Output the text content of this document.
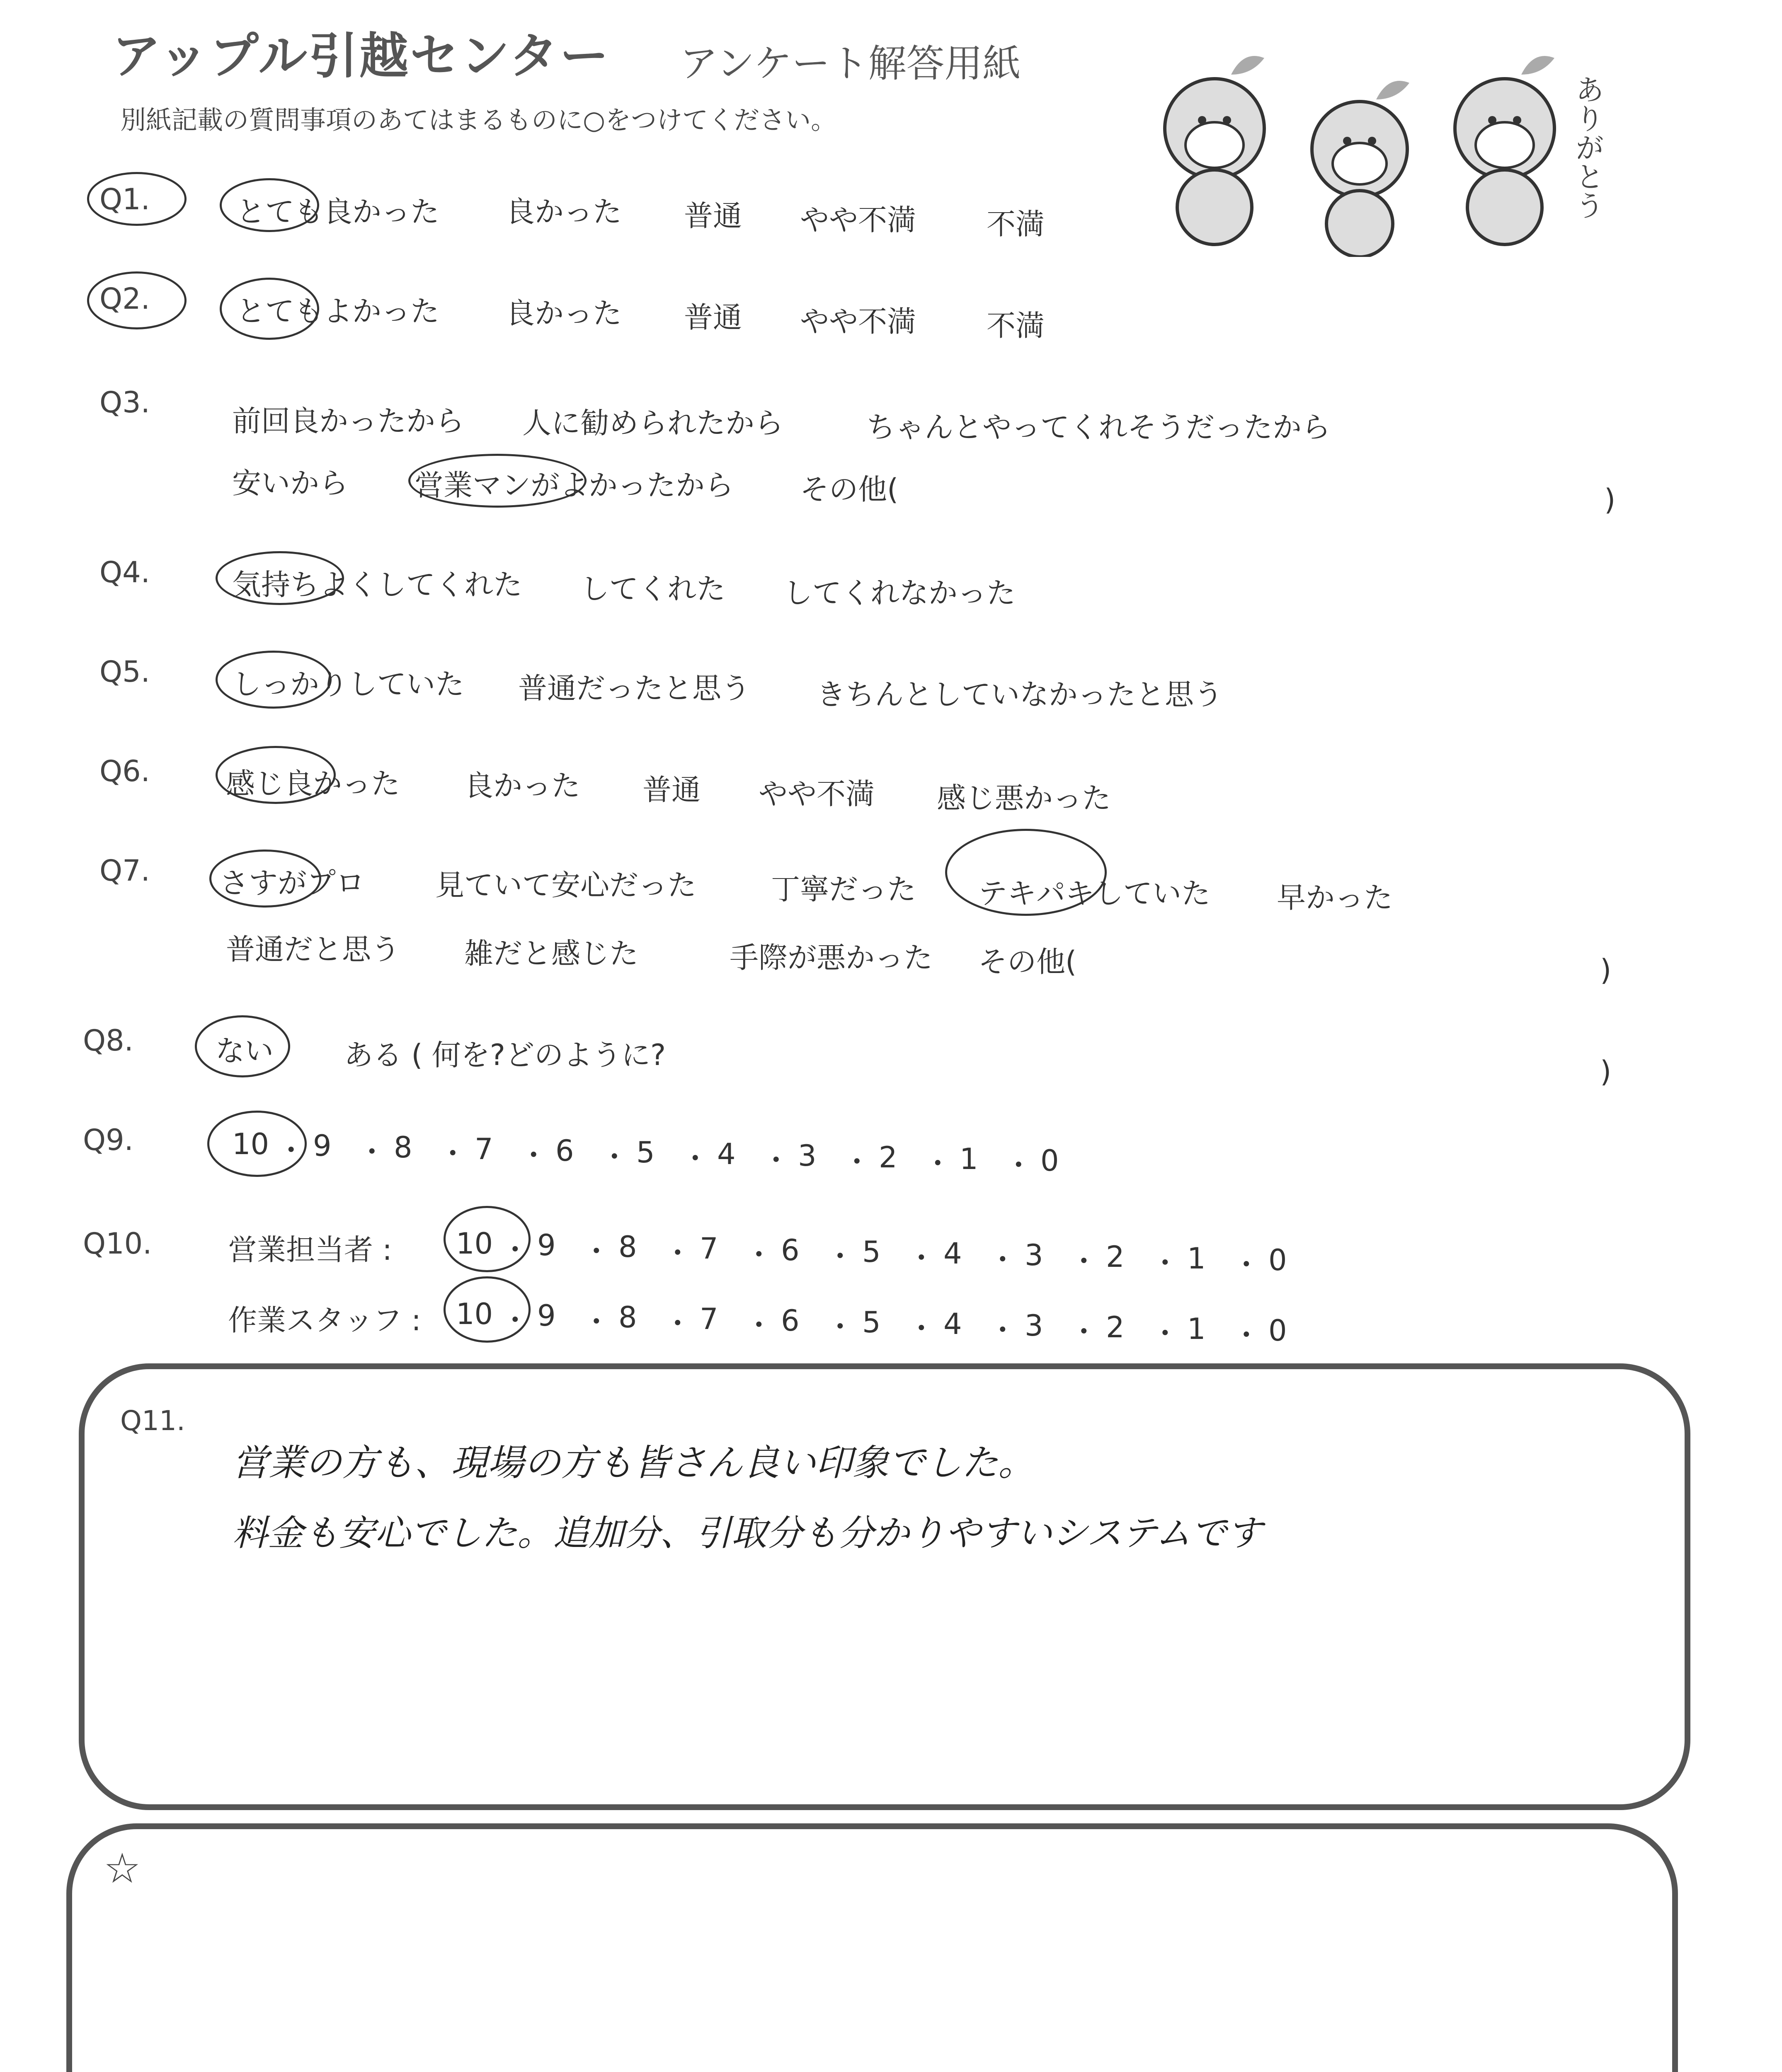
アップル引越センター アンケート解答用紙
別紙記載の質問事項のあてはまるものに○をつけてください。	ありがとう
Q1.	とても良かった 良かった 普通 やや不満 不満
Q2.	とてもよかった 良かった 普通 やや不満 不満
Q3.
前回良かったから 人に勧められたから	ちゃんとやってくれそうだったから
安いから 営業マンがよかったから その他(	)
Q4.	気持ちよくしてくれた してくれた してくれなかった
Q5.	しっかりしていた 普通だったと思う きちんとしていなかったと思う
Q6.	感じ良かった 良かった 普通 やや不満 感じ悪かった
Q7. さすがプロ 見ていて安心だった	丁寧だった テキパキしていた 早かった
普通だと思う 雑だと感じた	手際が悪かった その他(	)
Q8.	ない ある ( 何を?どのように?	)
Q9.	10 ・ 9 ・ 8 ・ 7 ・ 6 ・ 5 ・ 4 ・ 3 ・ 2 ・ 1 ・ 0
Q10.	営業担当者 : 10 ・ 9 ・ 8 ・ 7 ・ 6 ・ 5 ・ 4 ・ 3 ・ 2 ・ 1 ・ 0
作業スタッフ : 10 ・ 9 ・ 8 ・ 7 ・ 6 ・ 5 ・ 4 ・ 3 ・ 2 ・ 1 ・ 0
Q11.
営業の方も、現場の方も皆さん良い印象でした。
料金も安心でした。追加分、引取分も分かりやすいシステムです
☆
